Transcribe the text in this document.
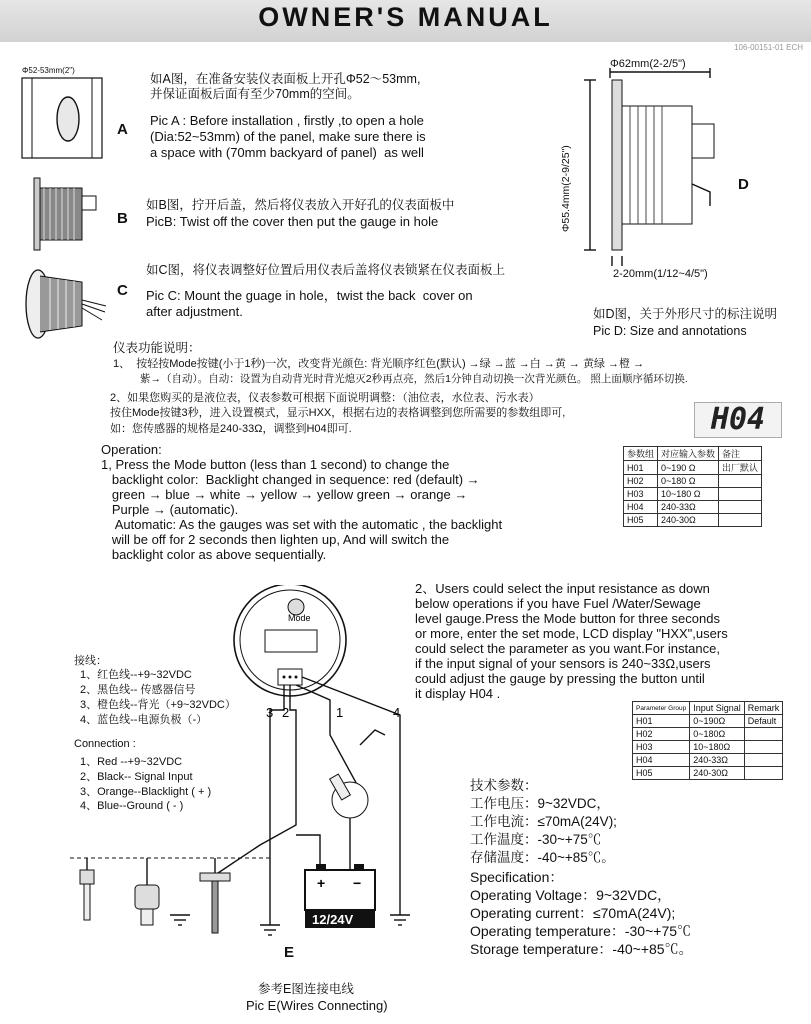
OWNER'S MANUAL
106-00151-01 ECH
Φ52-53mm(2")
A
如A图，在准备安装仪表面板上开孔Φ52～53mm,
并保证面板后面有至少70mm的空间。
Pic A : Before installation , firstly ,to open a hole
(Dia:52~53mm) of the panel, make sure there is
a space with (70mm backyard of panel)  as well
B
如B图，拧开后盖，然后将仪表放入开好孔的仪表面板中
PicB: Twist off the cover then put the gauge in hole
C
如C图，将仪表调整好位置后用仪表后盖将仪表锁紧在仪表面板上
Pic C: Mount the guage in hole，twist the back  cover on
after adjustment.
Φ62mm(2-2/5")
Φ55.4mm(2-9/25")	D
2-20mm(1/12~4/5")
如D图，关于外形尺寸的标注说明
Pic D: Size and annotations
仪表功能说明：
1、  按轻按Mode按键(小于1秒)一次，改变背光颜色: 背光顺序红色(默认) →绿 →蓝 →白 →黄 → 黄绿 →橙 →
紫→（自动）。自动：设置为自动背光时背光熄灭2秒再点亮，然后1分钟自动切换一次背光颜色。 照上面顺序循环切换.
2、如果您购买的是液位表，仪表参数可根据下面说明调整：（油位表，水位表、污水表）
按住Mode按键3秒，进入设置模式，显示HXX，根据右边的表格调整到您所需要的参数组即可,
如：您传感器的规格是240-33Ω，调整到H04即可.	H04
参数组	对应输入参数	备注
H01	0~190 Ω	出厂默认
H02	0~180 Ω	
H03	10~180 Ω	
H04	240-33Ω	
H05	240-30Ω	
Operation:
1, Press the Mode button (less than 1 second) to change the
backlight color:  Backlight changed in sequence: red (default) →
green → blue → white → yellow → yellow green → orange →
Purple → (automatic).
Automatic: As the gauges was set with the automatic , the backlight
will be off for 2 seconds then lighten up, And will switch the
backlight color as above sequentially.
2、Users could select the input resistance as down
below operations if you have Fuel /Water/Sewage
level gauge.Press the Mode button for three seconds
or more, enter the set mode, LCD display "HXX",users
could select the parameter as you want.For instance,
if the input signal of your sensors is 240~33Ω,users
could adjust the gauge by pressing the button until
it display H04 .
Parameter Group	Input Signal	Remark
H01	0~190Ω	Default
H02	0~180Ω	
H03	10~180Ω	
H04	240-33Ω	
H05	240-30Ω	
接线：
1、红色线--+9~32VDC
2、黑色线-- 传感器信号
3、橙色线--背光（+9~32VDC）
4、蓝色线--电源负极（-）
Connection :
1、Red --+9~32VDC
2、Black-- Signal Input
3、Orange--Blacklight ( + )
4、Blue--Ground ( - )
Mode
3 2	1	4
+ −
12/24V
E
参考E图连接电线
Pic E(Wires Connecting)
技术参数：
工作电压：9~32VDC，
工作电流：≤70mA(24V);
工作温度：-30~+75℃
存储温度：-40~+85℃。
Specification：
Operating Voltage：9~32VDC，
Operating current：≤70mA(24V);
Operating temperature：-30~+75℃
Storage temperature：-40~+85℃。
